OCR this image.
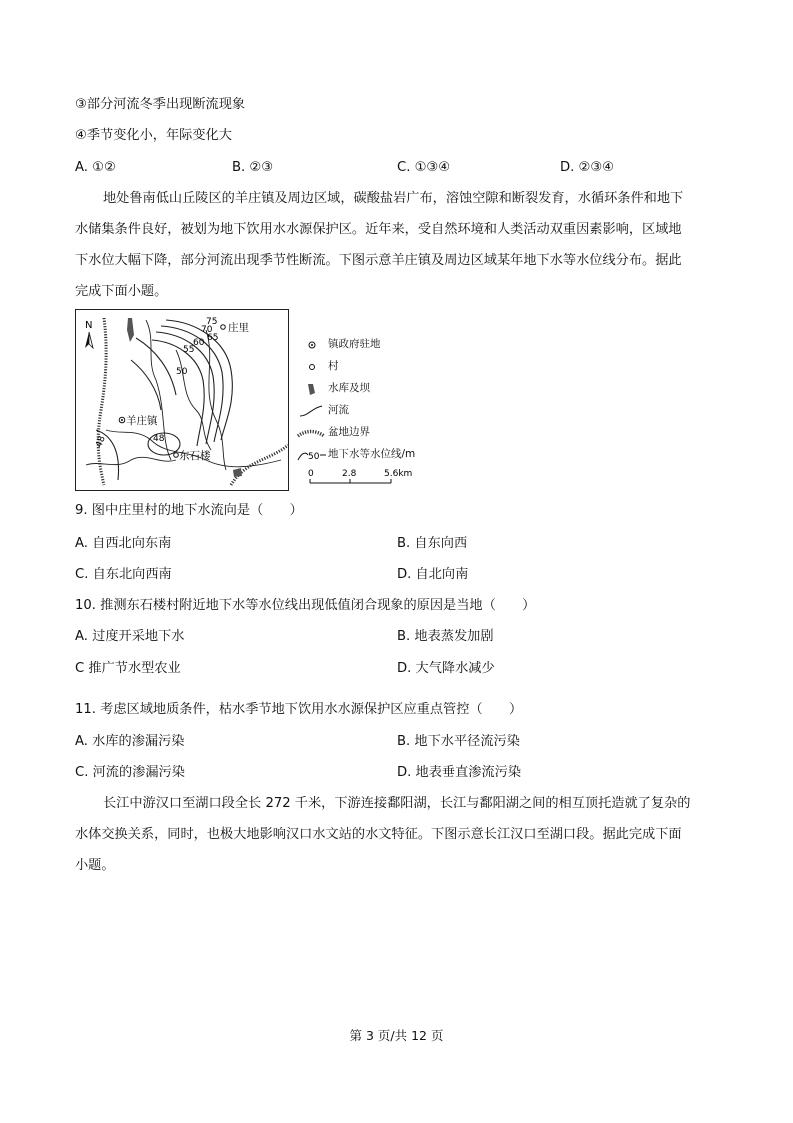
③部分河流冬季出现断流现象
④季节变化小，年际变化大
A. ①②	B. ②③	C. ①③④	D. ②③④
地处鲁南低山丘陵区的羊庄镇及周边区域，碳酸盐岩广布，溶蚀空隙和断裂发育，水循环条件和地下
水储集条件良好，被划为地下饮用水水源保护区。近年来，受自然环境和人类活动双重因素影响，区域地
下水位大幅下降，部分河流出现季节性断流。下图示意羊庄镇及周边区域某年地下水等水位线分布。据此
完成下面小题。
N	75
70
65
60
55
50
48
48
庄里
羊庄镇
东石楼
镇政府驻地
村
水库及坝
河流
盆地边界
50 地下水等水位线/m
0	2.8	5.6km
9. 图中庄里村的地下水流向是（　　）
A. 自西北向东南	B. 自东向西
C. 自东北向西南	D. 自北向南
10. 推测东石楼村附近地下水等水位线出现低值闭合现象的原因是当地（　　）
A. 过度开采地下水	B. 地表蒸发加剧
C 推广节水型农业	D. 大气降水减少
11. 考虑区域地质条件，枯水季节地下饮用水水源保护区应重点管控（　　）
A. 水库的渗漏污染	B. 地下水平径流污染
C. 河流的渗漏污染	D. 地表垂直渗流污染
长江中游汉口至湖口段全长 272 千米，下游连接鄱阳湖，长江与鄱阳湖之间的相互顶托造就了复杂的
水体交换关系，同时，也极大地影响汉口水文站的水文特征。下图示意长江汉口至湖口段。据此完成下面
小题。
第 3 页/共 12 页
